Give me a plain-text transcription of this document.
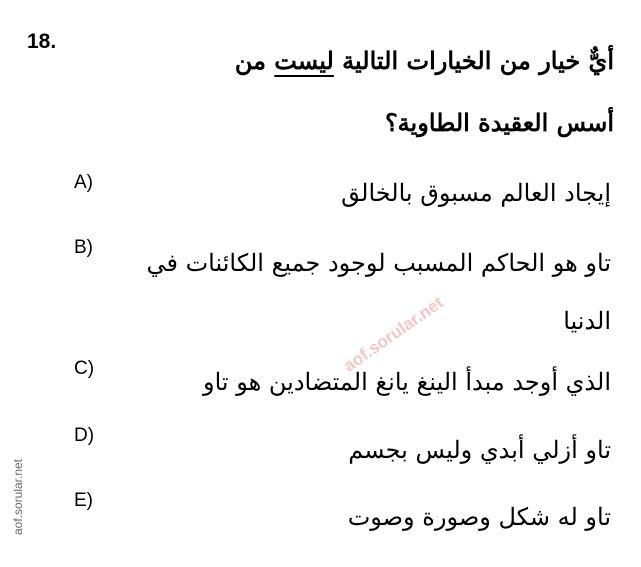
18.
أيٌّ خيار من الخيارات التالية ليست من أسس العقيدة الطاوية؟
A)	إيجاد العالم مسبوق بالخالق
B)
تاو هو الحاكم المسبب لوجود جميع الكائنات في الدنيا
C)	الذي أوجد مبدأ الينغ يانغ المتضادين هو تاو
D)
تاو أزلي أبدي وليس بجسم
E)
تاو له شكل وصورة وصوت
aof.sorular.net
aof.sorular.net
